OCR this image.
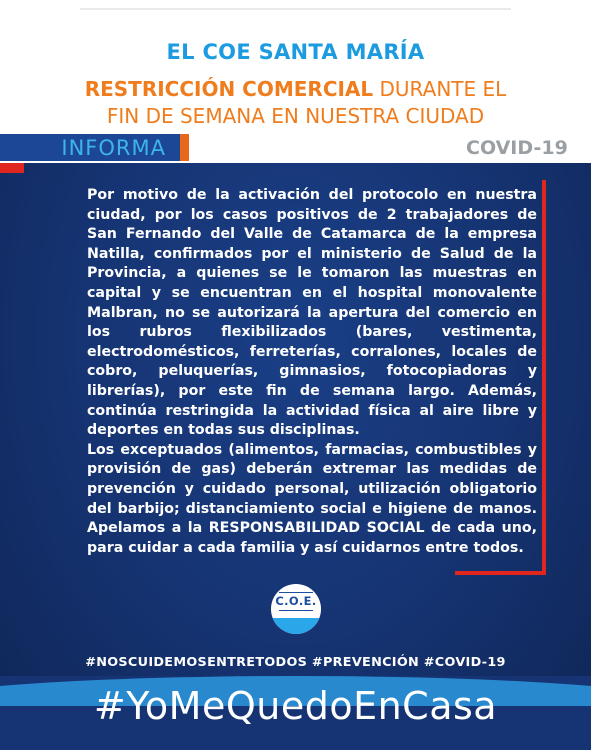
EL COE SANTA MARÍA
RESTRICCIÓN COMERCIAL DURANTE EL
FIN DE SEMANA EN NUESTRA CIUDAD
INFORMA	COVID-19

Por motivo de la activación del protocolo en nuestra ciudad, por los casos positivos de 2 trabajadores de San Fernando del Valle de Catamarca de la empresa Natilla, confirmados por el ministerio de Salud de la Provincia, a quienes se le tomaron las muestras en capital y se encuentran en el hospital monovalente Malbran, no se autorizará la apertura del comercio en los rubros flexibilizados (bares, vestimenta, electrodomésticos, ferreterías, corralones, locales de cobro, peluquerías, gimnasios, fotocopiadoras y librerías), por este fin de semana largo. Además, continúa restringida la actividad física al aire libre y deportes en todas sus disciplinas.

Los exceptuados (alimentos, farmacias, combustibles y provisión de gas) deberán extremar las medidas de prevención y cuidado personal, utilización obligatorio del barbijo; distanciamiento social e higiene de manos. Apelamos a la RESPONSABILIDAD SOCIAL de cada uno, para cuidar a cada familia y así cuidarnos entre todos.

C.O.E.
#NOSCUIDEMOSENTRETODOS #PREVENCIÓN #COVID-19
#YoMeQuedoEnCasa
